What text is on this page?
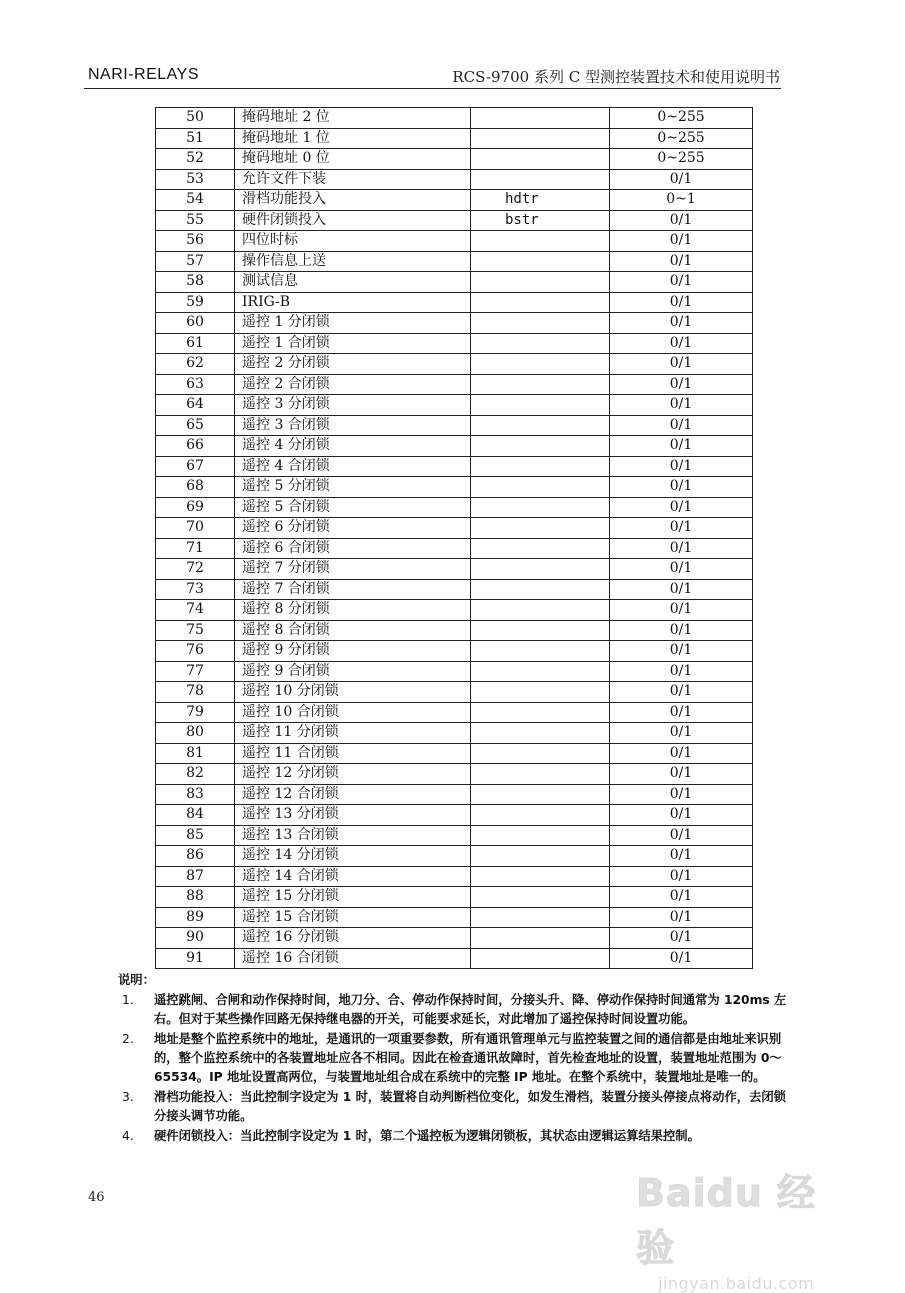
NARI-RELAYS	RCS-9700 系列 C 型测控装置技术和使用说明书
50	掩码地址 2 位		0~255
51	掩码地址 1 位		0~255
52	掩码地址 0 位		0~255
53	允许文件下装		0/1
54	滑档功能投入	hdtr	0~1
55	硬件闭锁投入	bstr	0/1
56	四位时标		0/1
57	操作信息上送		0/1
58	测试信息		0/1
59	IRIG-B		0/1
60	遥控 1 分闭锁		0/1
61	遥控 1 合闭锁		0/1
62	遥控 2 分闭锁		0/1
63	遥控 2 合闭锁		0/1
64	遥控 3 分闭锁		0/1
65	遥控 3 合闭锁		0/1
66	遥控 4 分闭锁		0/1
67	遥控 4 合闭锁		0/1
68	遥控 5 分闭锁		0/1
69	遥控 5 合闭锁		0/1
70	遥控 6 分闭锁		0/1
71	遥控 6 合闭锁		0/1
72	遥控 7 分闭锁		0/1
73	遥控 7 合闭锁		0/1
74	遥控 8 分闭锁		0/1
75	遥控 8 合闭锁		0/1
76	遥控 9 分闭锁		0/1
77	遥控 9 合闭锁		0/1
78	遥控 10 分闭锁		0/1
79	遥控 10 合闭锁		0/1
80	遥控 11 分闭锁		0/1
81	遥控 11 合闭锁		0/1
82	遥控 12 分闭锁		0/1
83	遥控 12 合闭锁		0/1
84	遥控 13 分闭锁		0/1
85	遥控 13 合闭锁		0/1
86	遥控 14 分闭锁		0/1
87	遥控 14 合闭锁		0/1
88	遥控 15 分闭锁		0/1
89	遥控 15 合闭锁		0/1
90	遥控 16 分闭锁		0/1
91	遥控 16 合闭锁		0/1
说明：
1.	遥控跳闸、合闸和动作保持时间，地刀分、合、停动作保持时间，分接头升、降、停动作保持时间通常为 120ms 左右。但对于某些操作回路无保持继电器的开关，可能要求延长，对此增加了遥控保持时间设置功能。
2.	地址是整个监控系统中的地址，是通讯的一项重要参数，所有通讯管理单元与监控装置之间的通信都是由地址来识别的，整个监控系统中的各装置地址应各不相同。因此在检查通讯故障时，首先检查地址的设置，装置地址范围为 0～65534。IP 地址设置高两位，与装置地址组合成在系统中的完整 IP 地址。在整个系统中，装置地址是唯一的。
3.	滑档功能投入：当此控制字设定为 1 时，装置将自动判断档位变化，如发生滑档，装置分接头停接点将动作，去闭锁分接头调节功能。
4.	硬件闭锁投入：当此控制字设定为 1 时，第二个遥控板为逻辑闭锁板，其状态由逻辑运算结果控制。
46	Baidu 经验
jingyan.baidu.com
